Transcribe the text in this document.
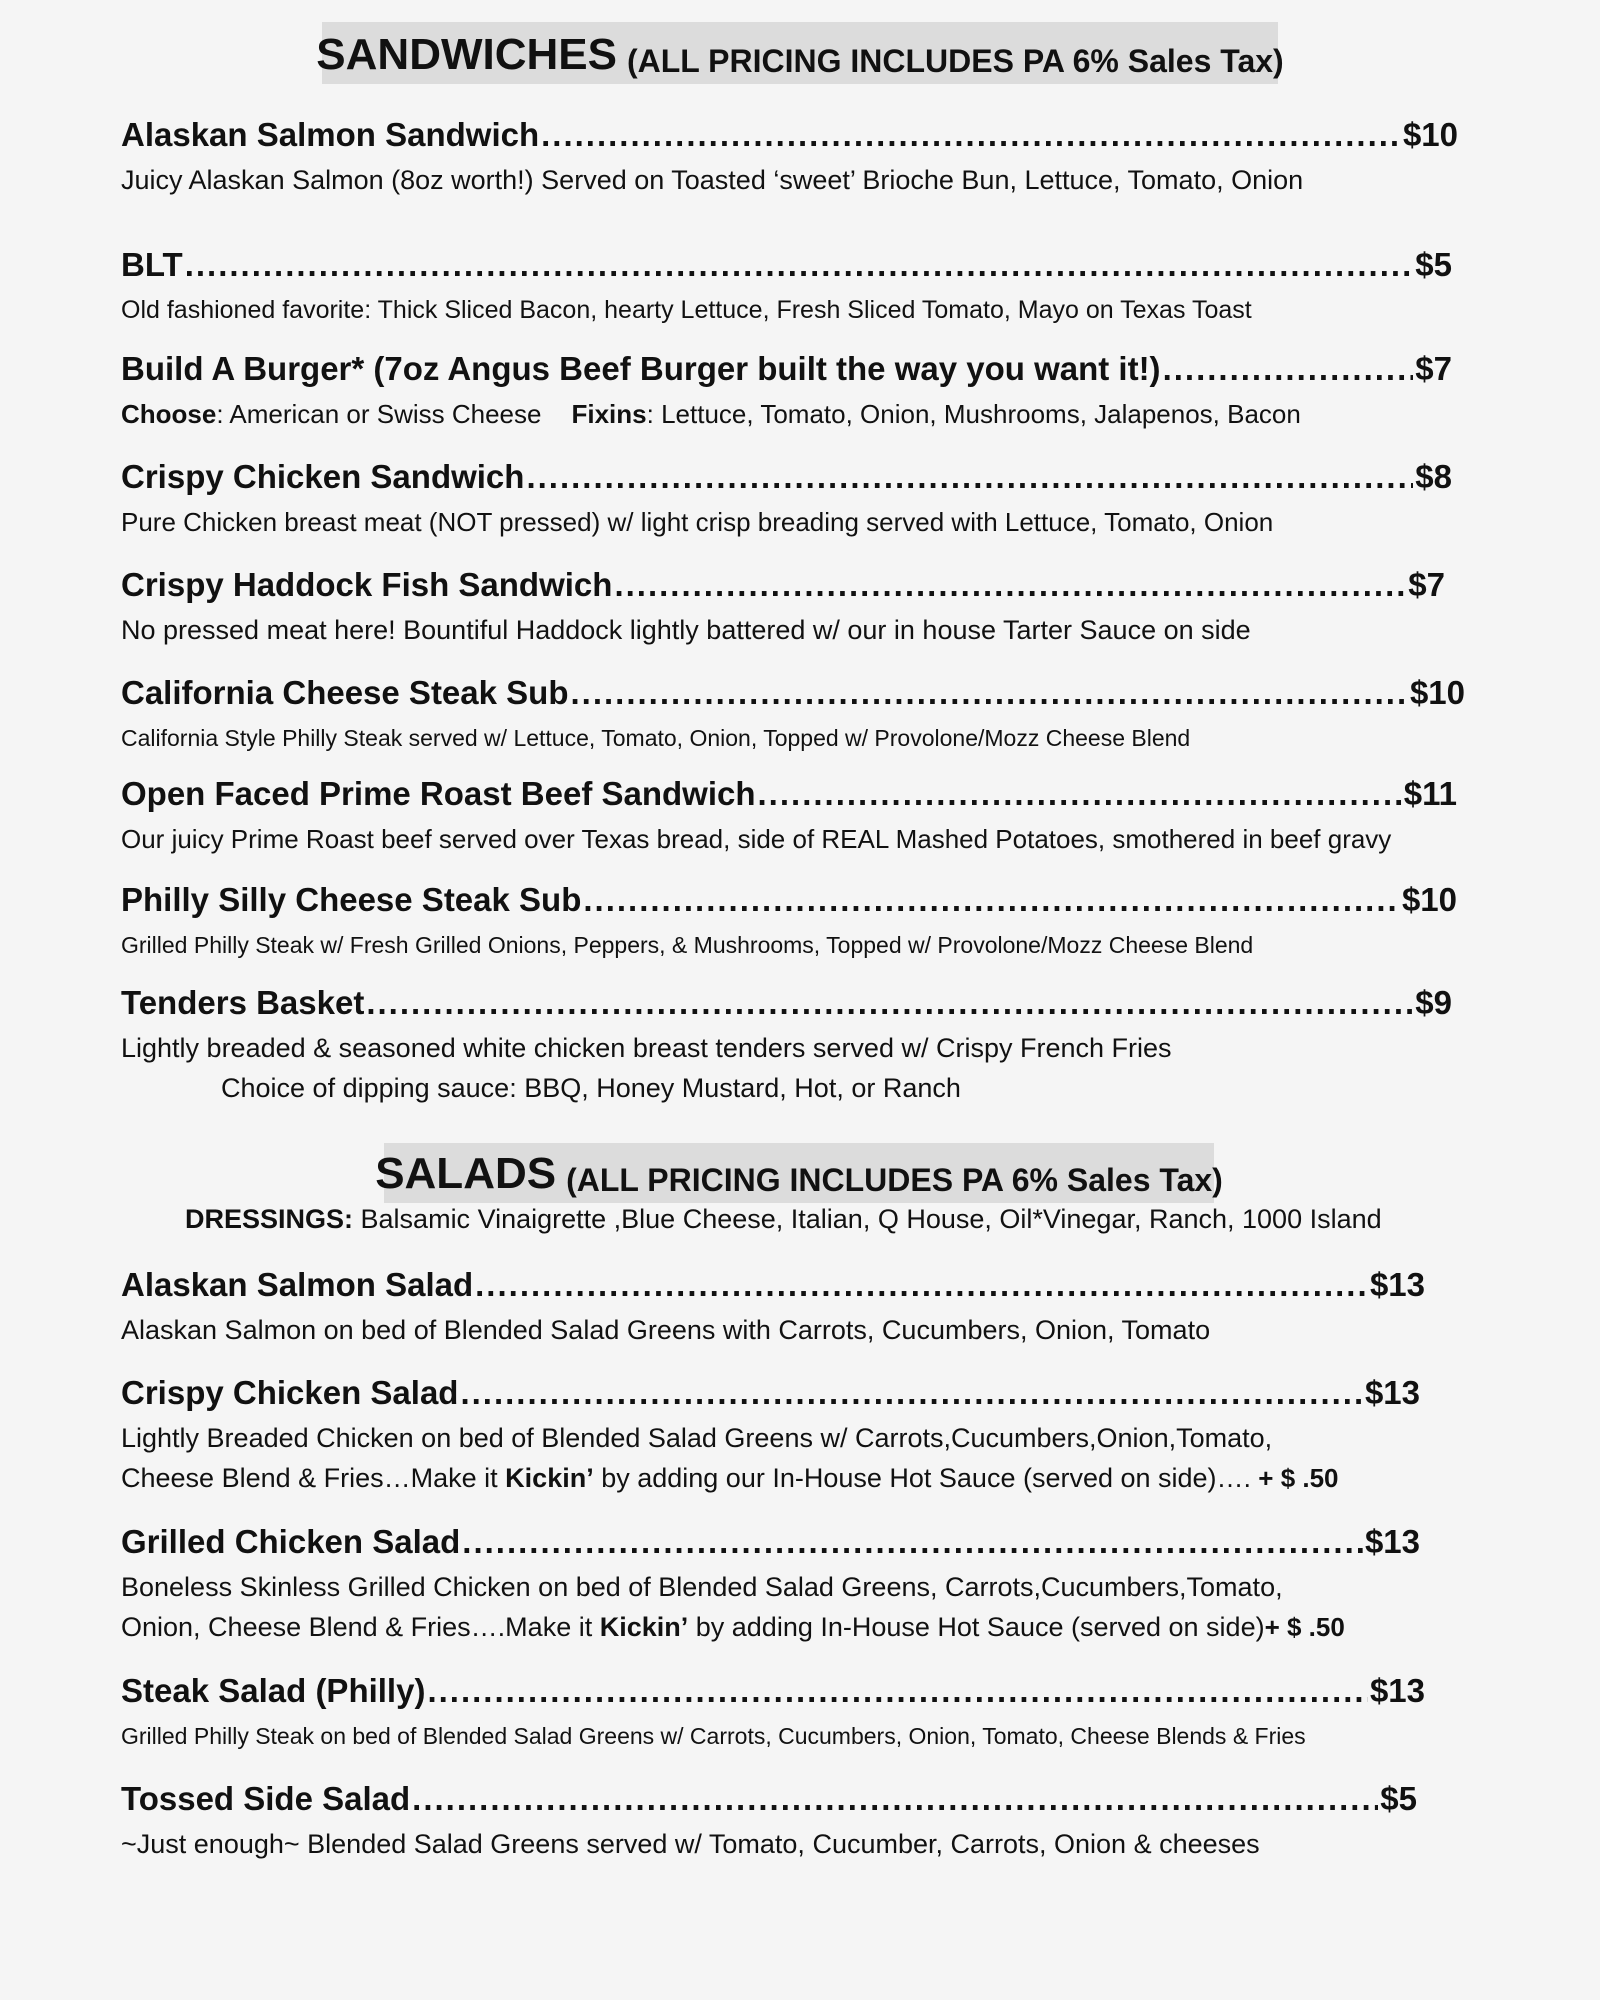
SANDWICHES (ALL PRICING INCLUDES PA 6% Sales Tax)
Alaskan Salmon Sandwich .....	$10
Juicy Alaskan Salmon (8oz worth!) Served on Toasted ‘sweet’ Brioche Bun, Lettuce, Tomato, Onion
BLT .....	$5
Old fashioned favorite: Thick Sliced Bacon, hearty Lettuce, Fresh Sliced Tomato, Mayo on Texas Toast
Build A Burger* (7oz Angus Beef Burger built the way you want it!) .....	$7
Choose: American or Swiss Cheese Fixins: Lettuce, Tomato, Onion, Mushrooms, Jalapenos, Bacon
Crispy Chicken Sandwich .....	$8
Pure Chicken breast meat (NOT pressed) w/ light crisp breading served with Lettuce, Tomato, Onion
Crispy Haddock Fish Sandwich .....	$7
No pressed meat here! Bountiful Haddock lightly battered w/ our in house Tarter Sauce on side
California Cheese Steak Sub .....	$10
California Style Philly Steak served w/ Lettuce, Tomato, Onion, Topped w/ Provolone/Mozz Cheese Blend
Open Faced Prime Roast Beef Sandwich .....	$11
Our juicy Prime Roast beef served over Texas bread, side of REAL Mashed Potatoes, smothered in beef gravy
Philly Silly Cheese Steak Sub .....	$10
Grilled Philly Steak w/ Fresh Grilled Onions, Peppers, & Mushrooms, Topped w/ Provolone/Mozz Cheese Blend
Tenders Basket .....	$9
Lightly breaded & seasoned white chicken breast tenders served w/ Crispy French Fries
Choice of dipping sauce: BBQ, Honey Mustard, Hot, or Ranch
SALADS (ALL PRICING INCLUDES PA 6% Sales Tax)
DRESSINGS: Balsamic Vinaigrette ,Blue Cheese, Italian, Q House, Oil*Vinegar, Ranch, 1000 Island
Alaskan Salmon Salad .....	$13
Alaskan Salmon on bed of Blended Salad Greens with Carrots, Cucumbers, Onion, Tomato
Crispy Chicken Salad .....	$13
Lightly Breaded Chicken on bed of Blended Salad Greens w/ Carrots,Cucumbers,Onion,Tomato,
Cheese Blend & Fries…Make it Kickin’ by adding our In-House Hot Sauce (served on side)…. + $ .50
Grilled Chicken Salad .....	$13
Boneless Skinless Grilled Chicken on bed of Blended Salad Greens, Carrots,Cucumbers,Tomato,
Onion, Cheese Blend & Fries….Make it Kickin’ by adding In-House Hot Sauce (served on side)+ $ .50
Steak Salad (Philly) .....	$13
Grilled Philly Steak on bed of Blended Salad Greens w/ Carrots, Cucumbers, Onion, Tomato, Cheese Blends & Fries
Tossed Side Salad .....	$5
~Just enough~ Blended Salad Greens served w/ Tomato, Cucumber, Carrots, Onion & cheeses
